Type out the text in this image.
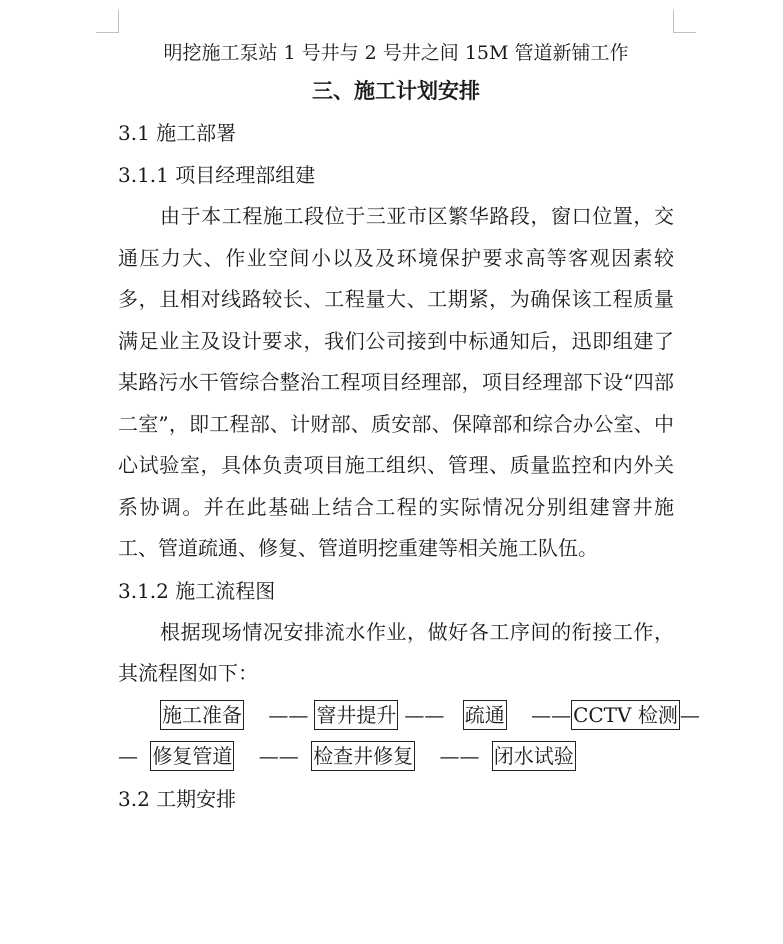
明挖施工泵站 1 号井与 2 号井之间 15M 管道新铺工作
三、施工计划安排
3.1 施工部署
3.1.1 项目经理部组建

由于本工程施工段位于三亚市区繁华路段，窗口位置，交通压力大、作业空间小以及及环境保护要求高等客观因素较多，且相对线路较长、工程量大、工期紧，为确保该工程质量满足业主及设计要求，我们公司接到中标通知后，迅即组建了某路污水干管综合整治工程项目经理部，项目经理部下设“四部二室”，即工程部、计财部、质安部、保障部和综合办公室、中心试验室，具体负责项目施工组织、管理、质量监控和内外关系协调。并在此基础上结合工程的实际情况分别组建窨井施工、管道疏通、修复、管道明挖重建等相关施工队伍。

3.1.2 施工流程图

根据现场情况安排流水作业，做好各工序间的衔接工作，其流程图如下：

施工准备 —— 窨井提升 —— 疏通 —— CCTV 检测 —
— 修复管道 —— 检查井修复 —— 闭水试验
3.2 工期安排
